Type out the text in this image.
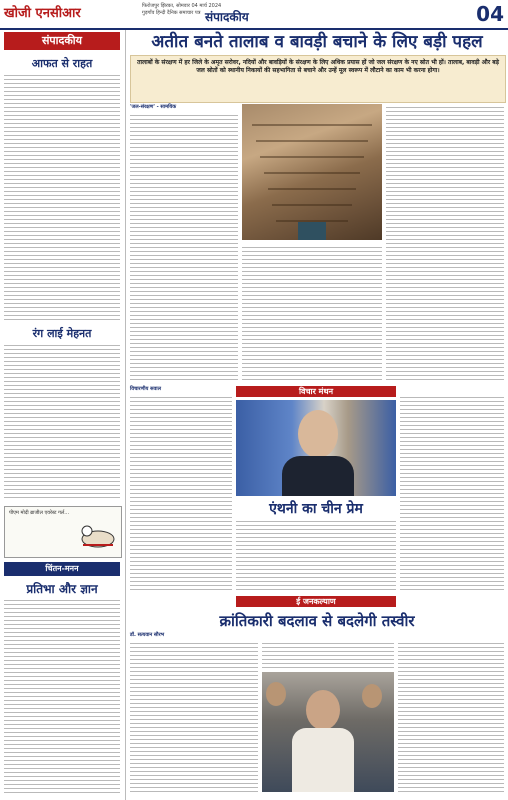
खोजी एनसीआर	फिरोजपुर झिरका, सोमवार 04 मार्च 2024
गुड़गाँव हिन्दी दैनिक समाचार पत्र संपादकीय	04
संपादकीय
आफत से राहत
रंग लाई मेहनत
पीएम मोदी ब्राजील एवरेस्ट गर्ल...
चिंतन-मनन
प्रतिभा और ज्ञान
अतीत बनते तालाब व बावड़ी बचाने के लिए बड़ी पहल
तालाबों के संरक्षण में हर जिले के अमृत सरोवर, नदियों और बावड़ियों के संरक्षण के लिए अधिक प्रयास हों जो जल संरक्षण के नए स्रोत भी हों। तालाब, बावड़ी और बड़े जल स्रोतों को स्थानीय निकायों की सहभागिता से बचाने और उन्हें मूल स्वरूप में लौटाने का काम भी करना होगा।
'जल-संरक्षण' - सामयिक
विचार मंथन
विचारणीय सवाल
एंथनी का चीन प्रेम
ई जनकल्याण
क्रांतिकारी बदलाव से बदलेगी तस्वीर
डॉ. सत्यवान सौरभ
